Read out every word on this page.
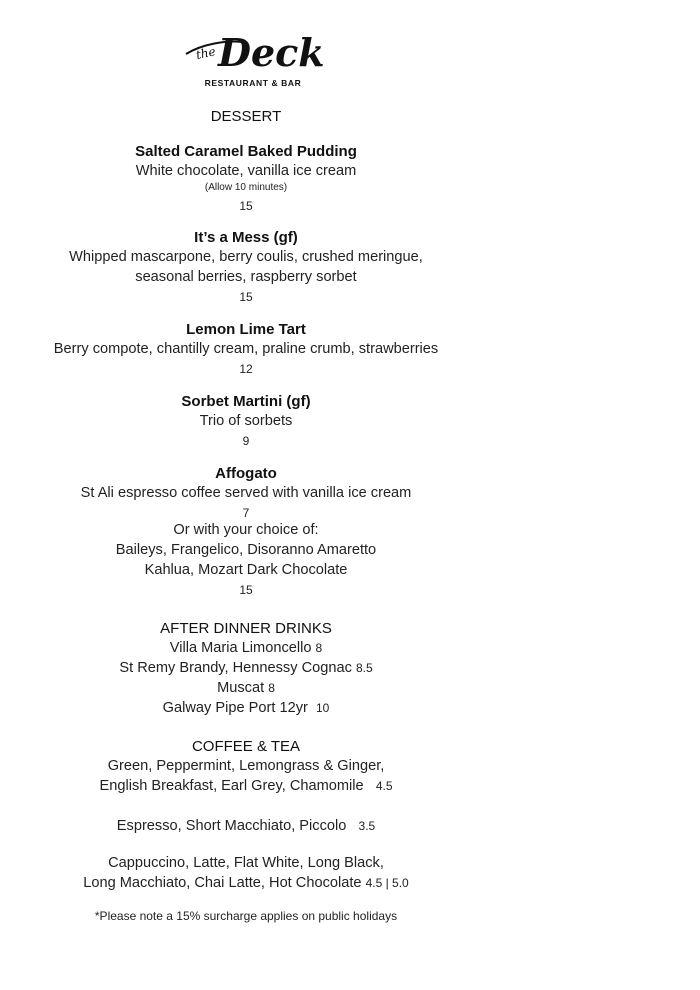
the Deck
RESTAURANT & BAR
DESSERT
Salted Caramel Baked Pudding
White chocolate, vanilla ice cream
(Allow 10 minutes)
15
It’s a Mess (gf)
Whipped mascarpone, berry coulis, crushed meringue,
seasonal berries, raspberry sorbet
15
Lemon Lime Tart
Berry compote, chantilly cream, praline crumb, strawberries
12
Sorbet Martini (gf)
Trio of sorbets
9
Affogato
St Ali espresso coffee served with vanilla ice cream
7
Or with your choice of:
Baileys, Frangelico, Disoranno Amaretto
Kahlua, Mozart Dark Chocolate
15
AFTER DINNER DRINKS
Villa Maria Limoncello 8
St Remy Brandy, Hennessy Cognac 8.5
Muscat 8
Galway Pipe Port 12yr 10
COFFEE & TEA
Green, Peppermint, Lemongrass & Ginger,
English Breakfast, Earl Grey, Chamomile 4.5
Espresso, Short Macchiato, Piccolo 3.5
Cappuccino, Latte, Flat White, Long Black,
Long Macchiato, Chai Latte, Hot Chocolate 4.5 | 5.0
*Please note a 15% surcharge applies on public holidays
